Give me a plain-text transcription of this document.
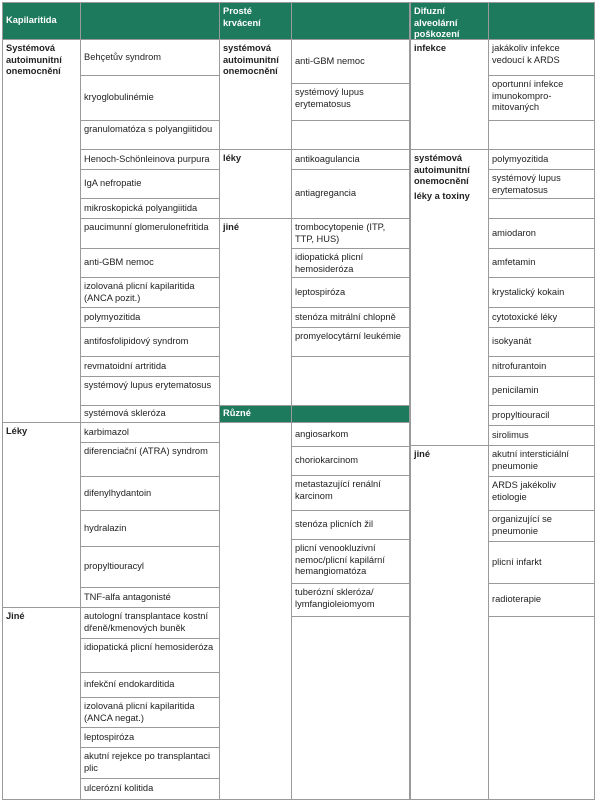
Kapilaritida
Systémová autoimunitní onemocnění
Léky
Jiné
Behçetův syndrom
kryoglobulinémie
granulomatóza s polyangiitidou
Henoch-Schönleinova purpura
IgA nefropatie
mikroskopická polyangiitida
paucimunní glomerulonefritida
anti-GBM nemoc
izolovaná plicní kapilaritida (ANCA pozit.)
polymyozitida
antifosfolipidový syndrom
revmatoidní artritida
systémový lupus erytematosus
systémová skleróza
karbimazol
diferenciační (ATRA) syndrom
difenylhydantoin
hydralazin
propyltiouracyl
TNF-alfa antagonisté
autologní transplantace kostní dřeně/kmenových buněk
idiopatická plicní hemosideróza
infekční endokarditida
izolovaná plicní kapilaritida (ANCA negat.)
leptospiróza
akutní rejekce po transplantaci plic
ulcerózní kolitida
Prosté krvácení
systémová autoimunitní onemocnění
léky
jiné
anti-GBM nemoc
systémový lupus erytematosus
antikoagulancia
antiagregancia
trombocytopenie (ITP, TTP, HUS)
idiopatická plicní hemosideróza
leptospiróza
stenóza mitrální chlopně
promyelocytární leukémie
Různé
angiosarkom
choriokarcinom
metastazující renální karcinom
stenóza plicních žil
plicní venookluzivní nemoc/plicní kapilární hemangiomatóza
tuberózní skleróza/ lymfangioleiomyom
Difuzní alveolární poškození
infekce
systémová autoimunitní onemocnění
léky a toxiny
jiné
jakákoliv infekce vedoucí k ARDS
oportunní infekce imunokompro-mitovaných
polymyozitida
systémový lupus erytematosus
amiodaron
amfetamin
krystalický kokain
cytotoxické léky
isokyanát
nitrofurantoin
penicilamin
propyltiouracil
sirolimus
akutní intersticiální pneumonie
ARDS jakékoliv etiologie
organizující se pneumonie
plicní infarkt
radioterapie
